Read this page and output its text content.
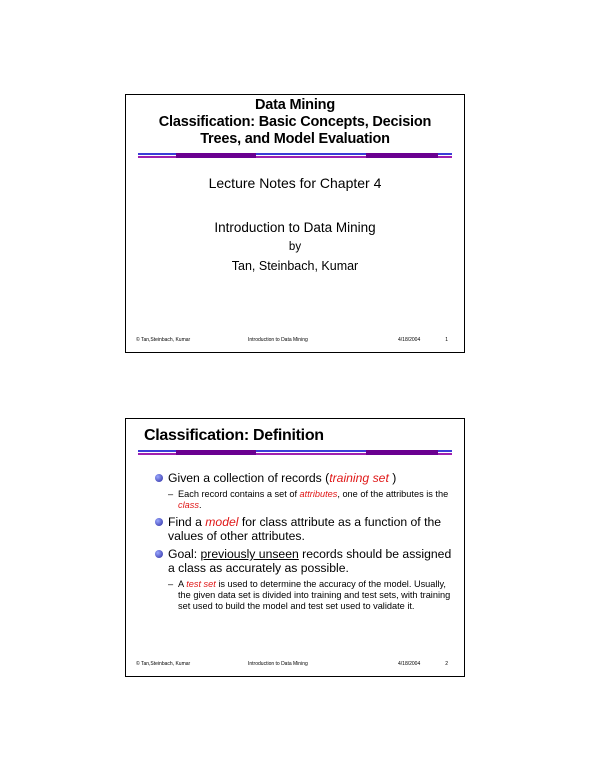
Data Mining
Classification: Basic Concepts, Decision
Trees, and Model Evaluation
Lecture Notes for Chapter 4
Introduction to Data Mining
by
Tan, Steinbach, Kumar
© Tan,Steinbach, Kumar	Introduction to Data Mining	4/18/2004	1
Classification: Definition
Given a collection of records (training set )
– Each record contains a set of attributes, one of the attributes is the class.
Find a model for class attribute as a function of the values of other attributes.
Goal: previously unseen records should be assigned a class as accurately as possible.
– A test set is used to determine the accuracy of the model. Usually, the given data set is divided into training and test sets, with training set used to build the model and test set used to validate it.
© Tan,Steinbach, Kumar	Introduction to Data Mining	4/18/2004	2
